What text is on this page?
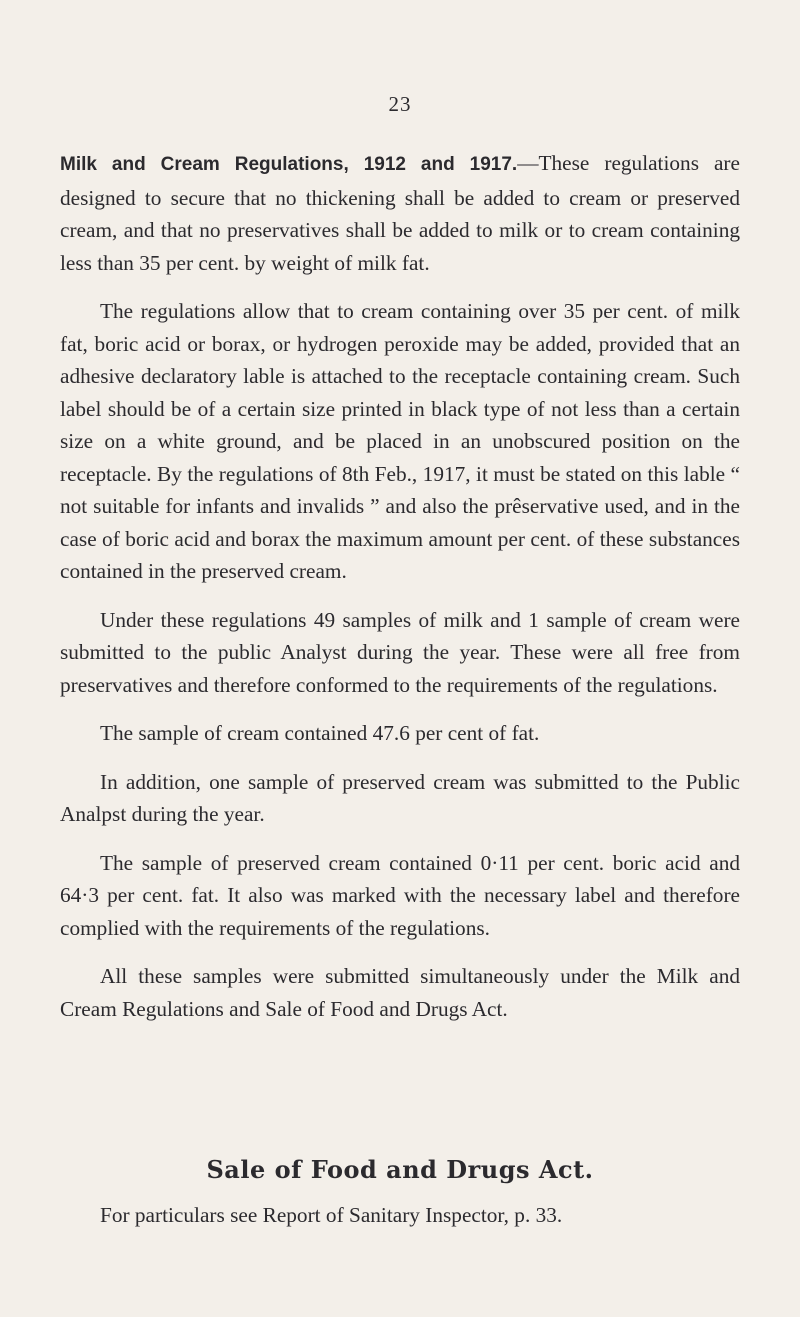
23

Milk and Cream Regulations, 1912 and 1917.—These regulations are designed to secure that no thickening shall be added to cream or preserved cream, and that no preservatives shall be added to milk or to cream containing less than 35 per cent. by weight of milk fat.

The regulations allow that to cream containing over 35 per cent. of milk fat, boric acid or borax, or hydrogen peroxide may be added, provided that an adhesive declaratory lable is attached to the receptacle containing cream. Such label should be of a certain size printed in black type of not less than a certain size on a white ground, and be placed in an unobscured position on the receptacle. By the regulations of 8th Feb., 1917, it must be stated on this lable “ not suitable for infants and invalids ” and also the prêservative used, and in the case of boric acid and borax the maximum amount per cent. of these substances contained in the preserved cream.

Under these regulations 49 samples of milk and 1 sample of cream were submitted to the public Analyst during the year. These were all free from preservatives and therefore conformed to the requirements of the regulations.

The sample of cream contained 47.6 per cent of fat.

In addition, one sample of preserved cream was submitted to the Public Analpst during the year.

The sample of preserved cream contained 0·11 per cent. boric acid and 64·3 per cent. fat. It also was marked with the necessary label and therefore complied with the requirements of the regulations.

All these samples were submitted simultaneously under the Milk and Cream Regulations and Sale of Food and Drugs Act.

Sale of Food and Drugs Act.
For particulars see Report of Sanitary Inspector, p. 33.
